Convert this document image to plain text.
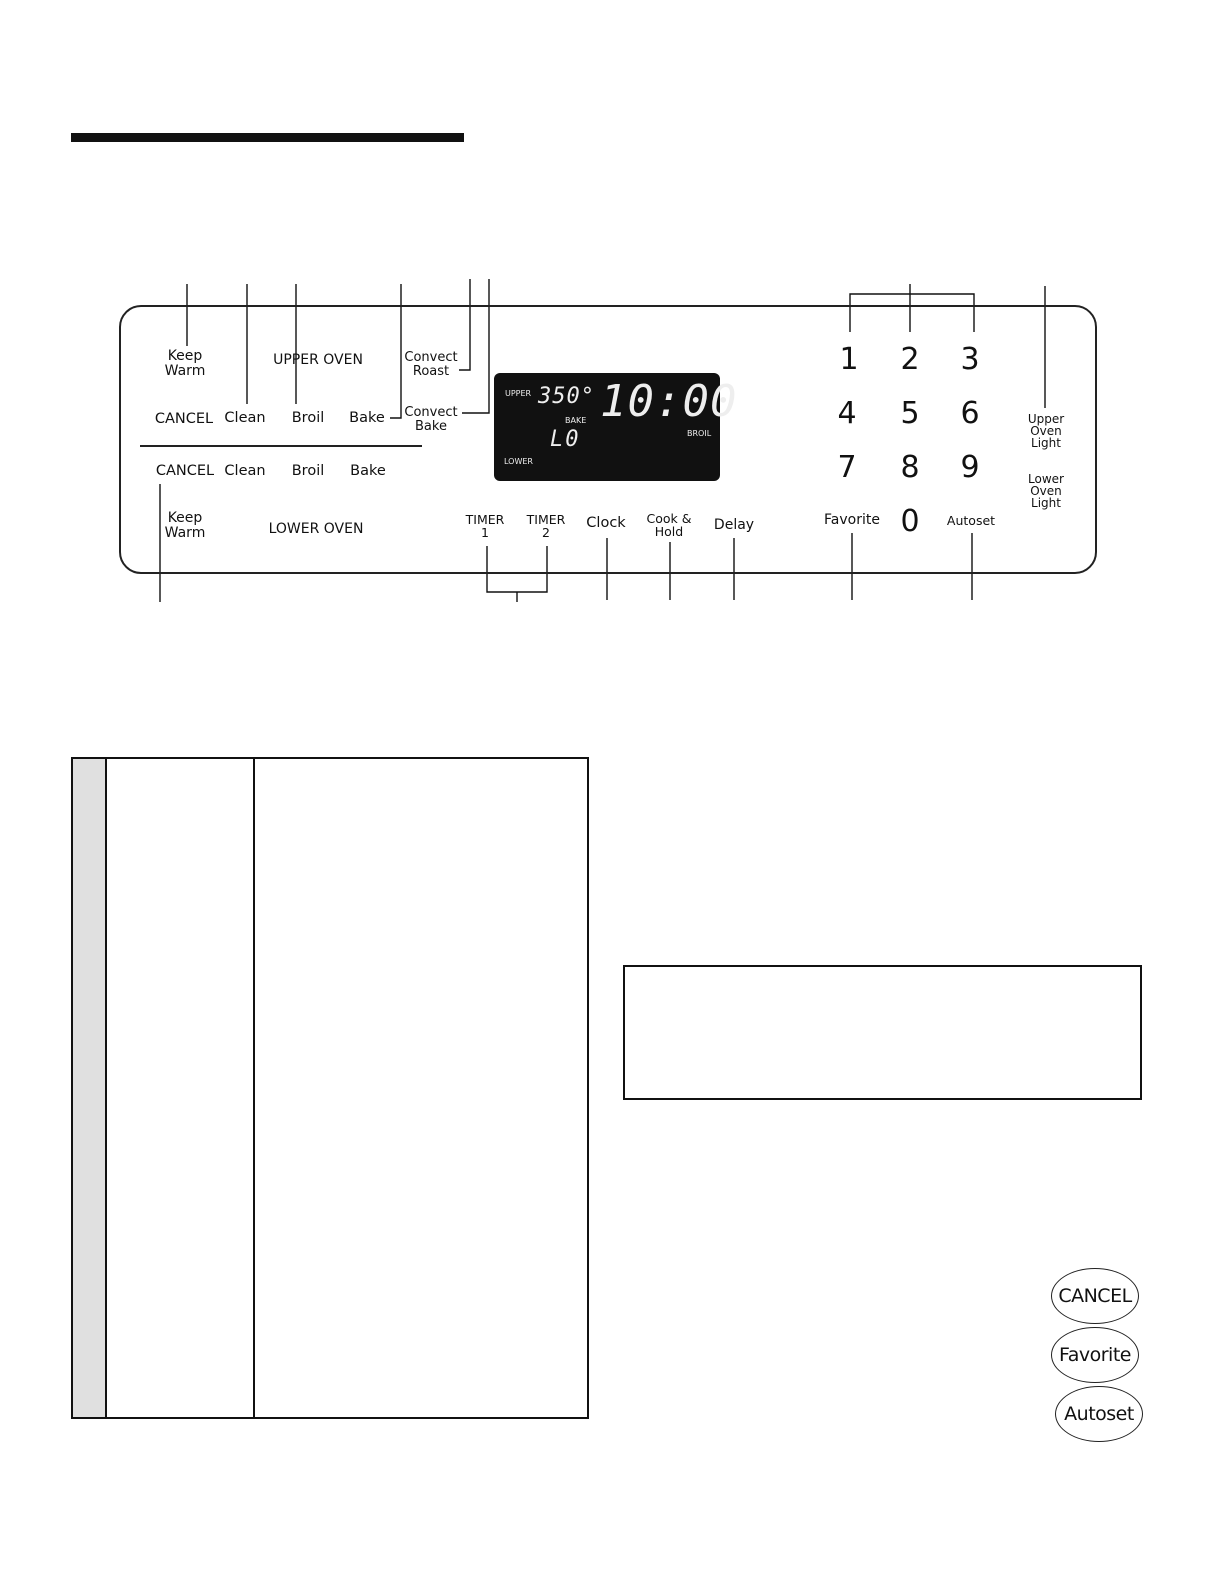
Keep
Warm
UPPER OVEN	Convect
Roast
Convect
Bake
CANCEL Clean Broil Bake
CANCEL Clean Broil Bake
Keep
Warm	LOWER OVEN
UPPER 350°
BAKE 10:00
BROIL
L0
LOWER
TIMER
1
TIMER
2
Clock Cook &
Hold	Delay	Favorite	Autoset
1 2 3
4 5 6
7 8 9
0
Upper
Oven
Light
Lower
Oven
Light
CANCEL
Favorite
Autoset
